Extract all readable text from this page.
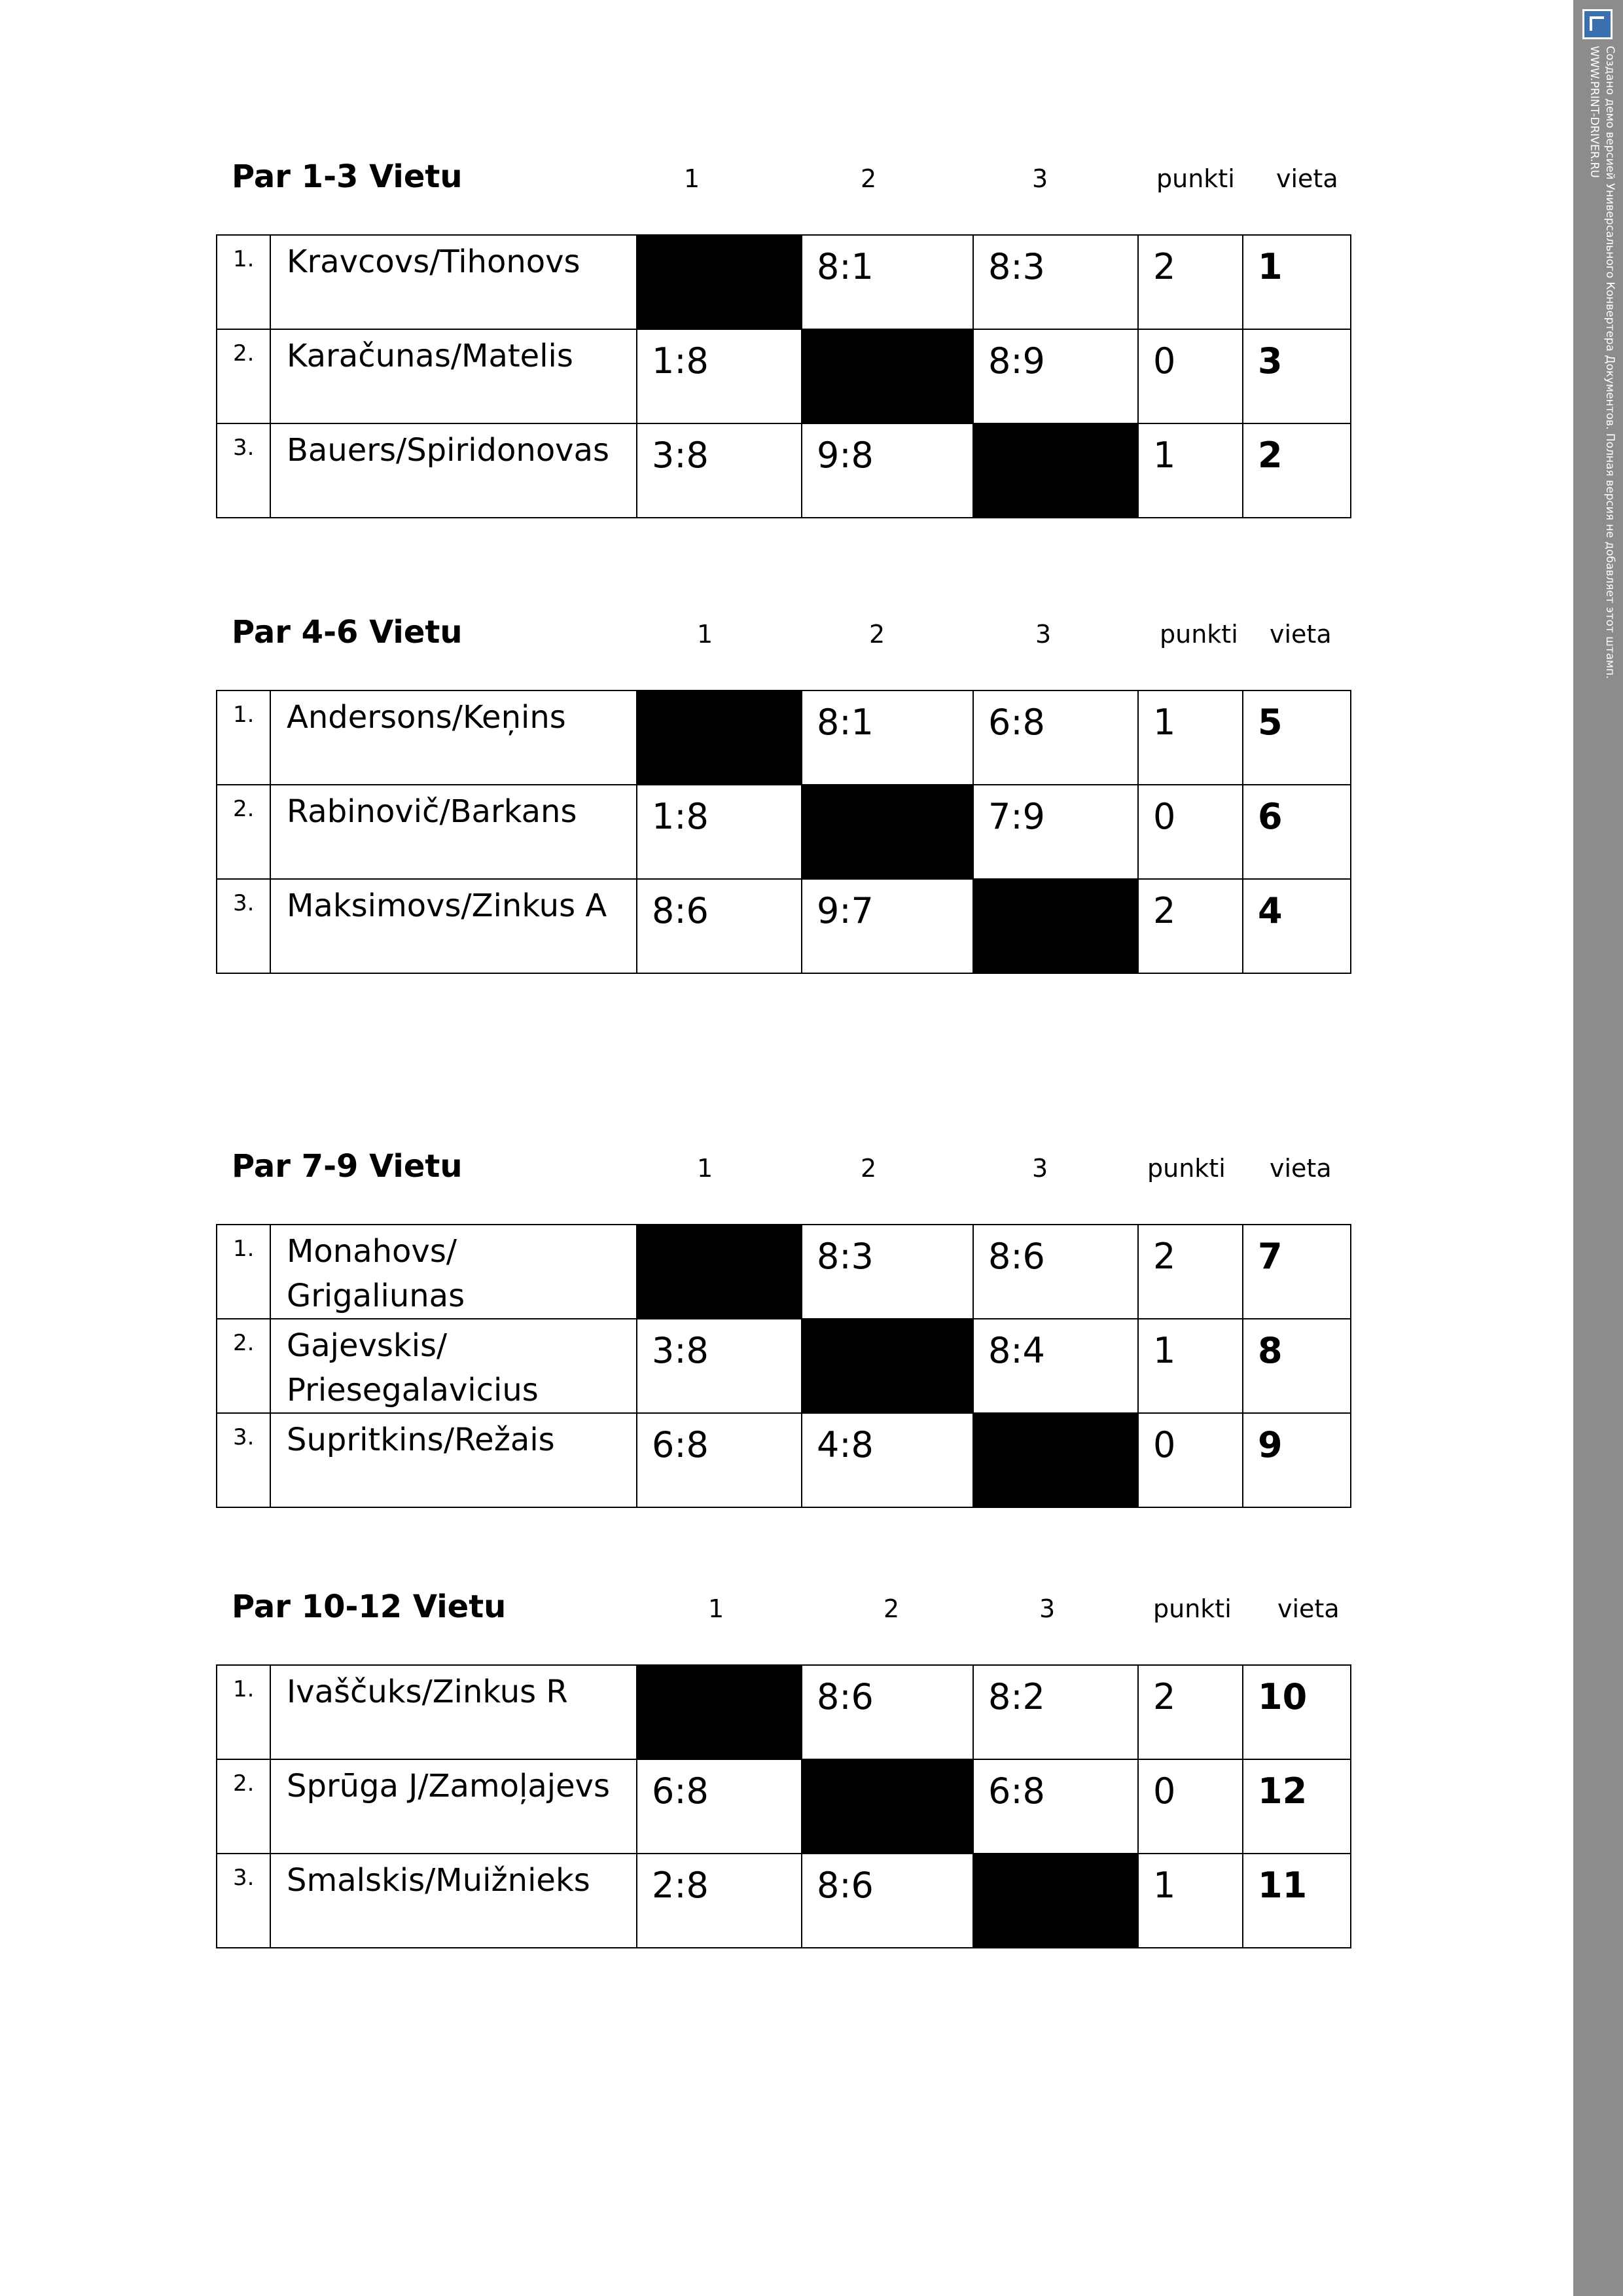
Par 1-3 Vietu	1	2	3	punkti vieta
1.	Kravcovs/Tihonovs		8:1	8:3	2	1
2.	Karačunas/Matelis	1:8		8:9	0	3
3.	Bauers/Spiridonovas	3:8	9:8		1	2
Par 4-6 Vietu	1	2	3	punkti vieta
1.	Andersons/Keņins		8:1	6:8	1	5
2.	Rabinovič/Barkans	1:8		7:9	0	6
3.	Maksimovs/Zinkus A	8:6	9:7		2	4
Par 7-9 Vietu	1	2	3	punkti vieta
1.	Monahovs/ Grigaliunas		8:3	8:6	2	7
2.	Gajevskis/ Priesegalavicius	3:8		8:4	1	8
3.	Supritkins/Režais	6:8	4:8		0	9
Par 10-12 Vietu	1	2	3	punkti vieta
1.	Ivaščuks/Zinkus R		8:6	8:2	2	10
2.	Sprūga J/Zamoļajevs	6:8		6:8	0	12
3.	Smalskis/Muižnieks	2:8	8:6		1	11
Создано демо версией Универсального Конвертера Документов. Полная версия не добавляет этот штамп.
WWW.PRINT-DRIVER.RU
